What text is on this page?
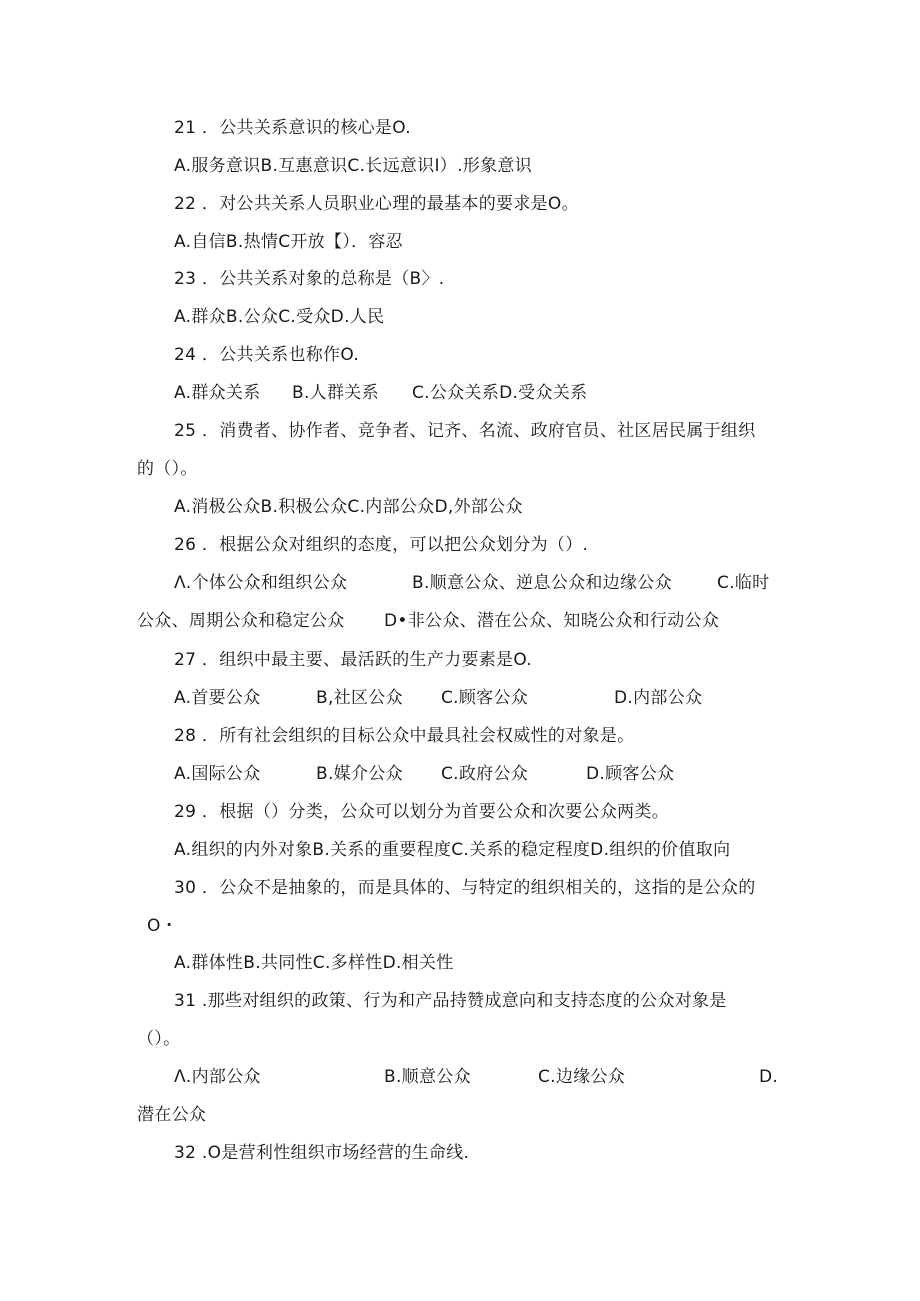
21 ．公共关系意识的核心是O.
A.服务意识B.互惠意识C.长远意识I）.形象意识
22 ．对公共关系人员职业心理的最基本的要求是O。
A.自信B.热情C开放【）．容忍
23 ．公共关系对象的总称是（B〉.
A.群众B.公众C.受众D.人民
24 ．公共关系也称作O.
A.群众关系 B.人群关系 C.公众关系D.受众关系
25 ．消费者、协作者、竞争者、记齐、名流、政府官员、社区居民属于组织
的（）。
A.消极公众B.积极公众C.内部公众D,外部公众
26 ．根据公众对组织的态度，可以把公众划分为（）.
Λ.个体公众和组织公众	B.顺意公众、逆息公众和边缘公众	C.临时
公众、周期公众和稳定公众 D•非公众、潜在公众、知晓公众和行动公众
27 ．组织中最主要、最活跃的生产力要素是O.
A.首要公众	B,社区公众 C.顾客公众	D.内部公众
28 ．所有社会组织的目标公众中最具社会权威性的对象是。
A.国际公众	B.媒介公众 C.政府公众	D.顾客公众
29 ．根据（）分类，公众可以划分为首要公众和次要公众两类。
A.组织的内外对象B.关系的重要程度C.关系的稳定程度D.组织的价值取向
30 ．公众不是抽象的，而是具体的、与特定的组织相关的，这指的是公众的
O・
A.群体性B.共同性C.多样性D.相关性
31 .那些对组织的政策、行为和产品持赞成意向和支持态度的公众对象是
（）。
Λ.内部公众	B.顺意公众	C.边缘公众	D.
潜在公众
32 .O是营利性组织市场经营的生命线.
